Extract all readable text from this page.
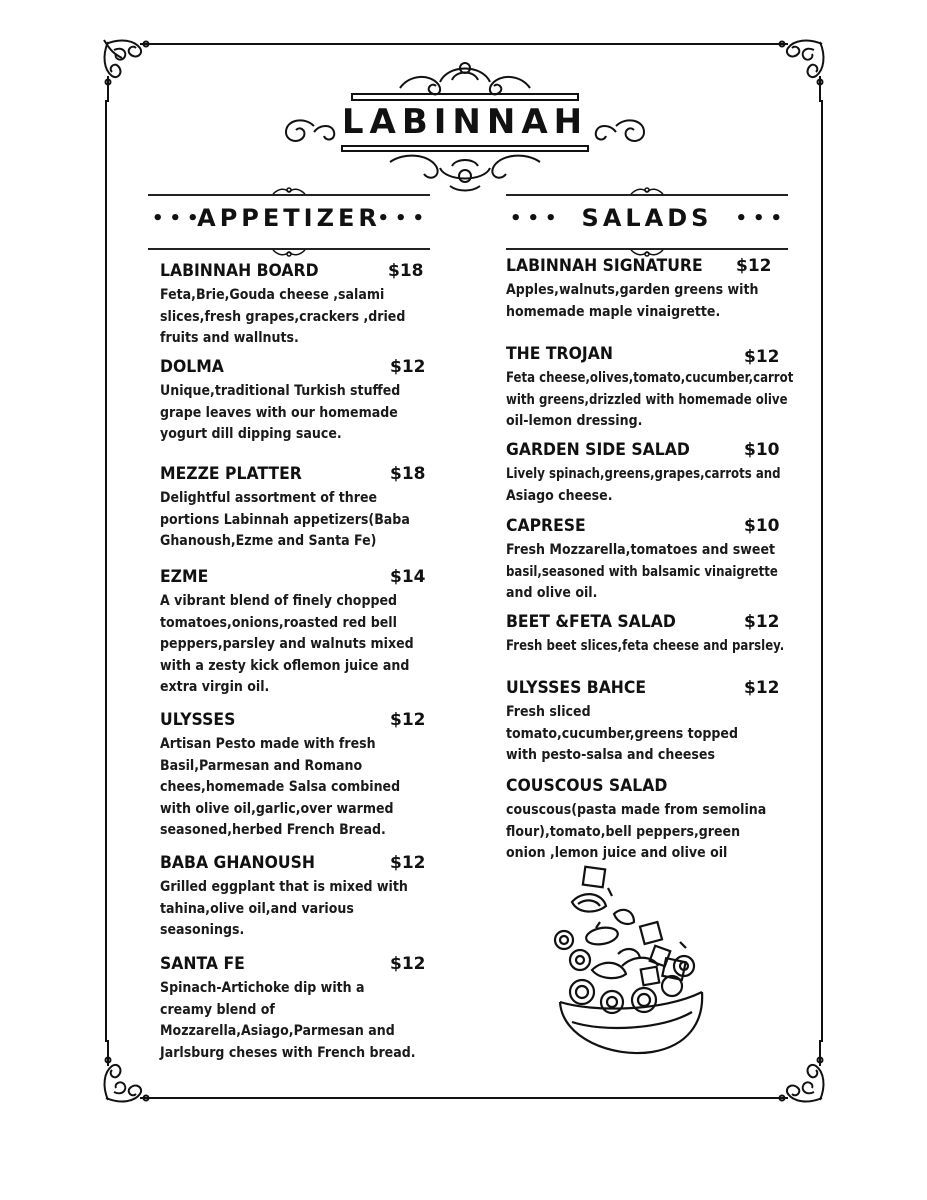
LABINNAH
•••
APPETIZER
•••	••• SALADS	•••
LABINNAH BOARD	$18
Feta,Brie,Gouda cheese ,salami
slices,fresh grapes,crackers ,dried
fruits and wallnuts.
DOLMA	$12
Unique,traditional Turkish stuffed
grape leaves with our homemade
yogurt dill dipping sauce.
MEZZE PLATTER	$18
Delightful assortment of three
portions Labinnah appetizers(Baba
Ghanoush,Ezme and Santa Fe)
EZME	$14
A vibrant blend of finely chopped
tomatoes,onions,roasted red bell
peppers,parsley and walnuts mixed
with a zesty kick oflemon juice and
extra virgin oil.
ULYSSES	$12
Artisan Pesto made with fresh
Basil,Parmesan and Romano
chees,homemade Salsa combined
with olive oil,garlic,over warmed
seasoned,herbed French Bread.
BABA GHANOUSH	$12
Grilled eggplant that is mixed with
tahina,olive oil,and various
seasonings.
SANTA FE	$12
Spinach-Artichoke dip with a
creamy blend of
Mozzarella,Asiago,Parmesan and
Jarlsburg cheses with French bread.
LABINNAH SIGNATURE $12
Apples,walnuts,garden greens with
homemade maple vinaigrette.
THE TROJAN	$12
Feta cheese,olives,tomato,cucumber,carrot
with greens,drizzled with homemade olive
oil-lemon dressing.
GARDEN SIDE SALAD	$10
Lively spinach,greens,grapes,carrots and
Asiago cheese.
CAPRESE	$10
Fresh Mozzarella,tomatoes and sweet
basil,seasoned with balsamic vinaigrette
and olive oil.
BEET &FETA SALAD	$12
Fresh beet slices,feta cheese and parsley.
ULYSSES BAHCE	$12
Fresh sliced
tomato,cucumber,greens topped
with pesto-salsa and cheeses
COUSCOUS SALAD
couscous(pasta made from semolina
flour),tomato,bell peppers,green
onion ,lemon juice and olive oil
